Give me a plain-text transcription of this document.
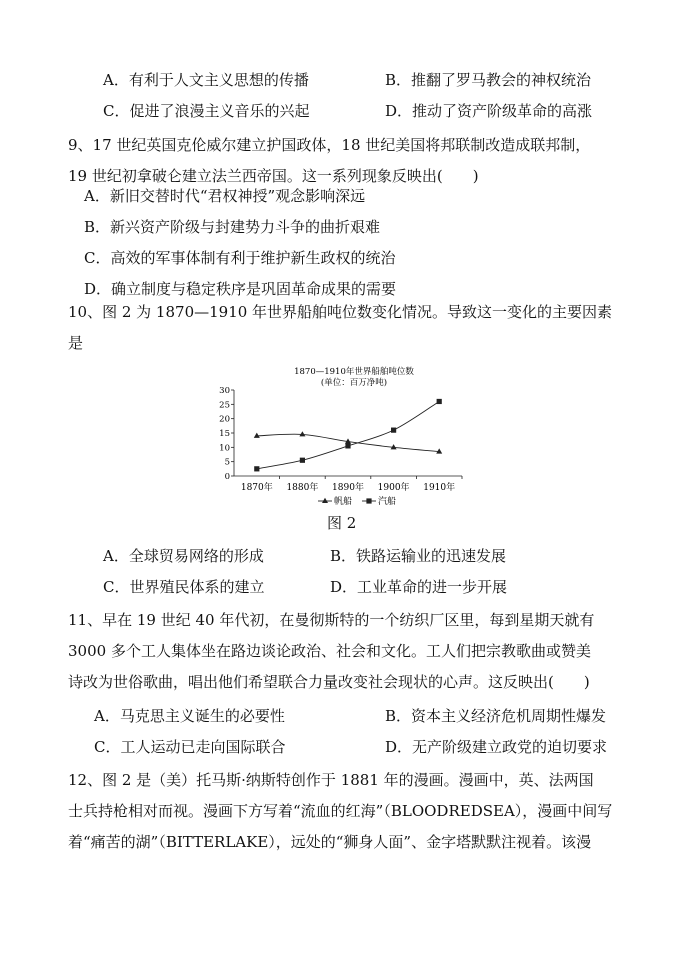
A．有利于人文主义思想的传播	B．推翻了罗马教会的神权统治
C．促进了浪漫主义音乐的兴起	D．推动了资产阶级革命的高涨
9、17 世纪英国克伦威尔建立护国政体，18 世纪美国将邦联制改造成联邦制，
19 世纪初拿破仑建立法兰西帝国。这一系列现象反映出(　　)
A．新旧交替时代“君权神授”观念影响深远
B．新兴资产阶级与封建势力斗争的曲折艰难
C．高效的军事体制有利于维护新生政权的统治
D．确立制度与稳定秩序是巩固革命成果的需要
10、图 2 为 1870—1910 年世界船舶吨位数变化情况。导致这一变化的主要因素
是
1870—1910年世界船舶吨位数
(单位：百万净吨)
0
5
10
15
20
25
30
1870年 1880年 1890年 1900年 1910年
帆船	汽船
图 2
A．全球贸易网络的形成	B．铁路运输业的迅速发展
C．世界殖民体系的建立	D．工业革命的进一步开展
11、早在 19 世纪 40 年代初，在曼彻斯特的一个纺织厂区里，每到星期天就有
3000 多个工人集体坐在路边谈论政治、社会和文化。工人们把宗教歌曲或赞美
诗改为世俗歌曲，唱出他们希望联合力量改变社会现状的心声。这反映出(　　)
A．马克思主义诞生的必要性	B．资本主义经济危机周期性爆发
C．工人运动已走向国际联合	D．无产阶级建立政党的迫切要求
12、图 2 是（美）托马斯·纳斯特创作于 1881 年的漫画。漫画中，英、法两国
士兵持枪相对而视。漫画下方写着“流血的红海”（BLOODREDSEA），漫画中间写
着“痛苦的湖”（BITTERLAKE），远处的“狮身人面”、金字塔默默注视着。该漫
